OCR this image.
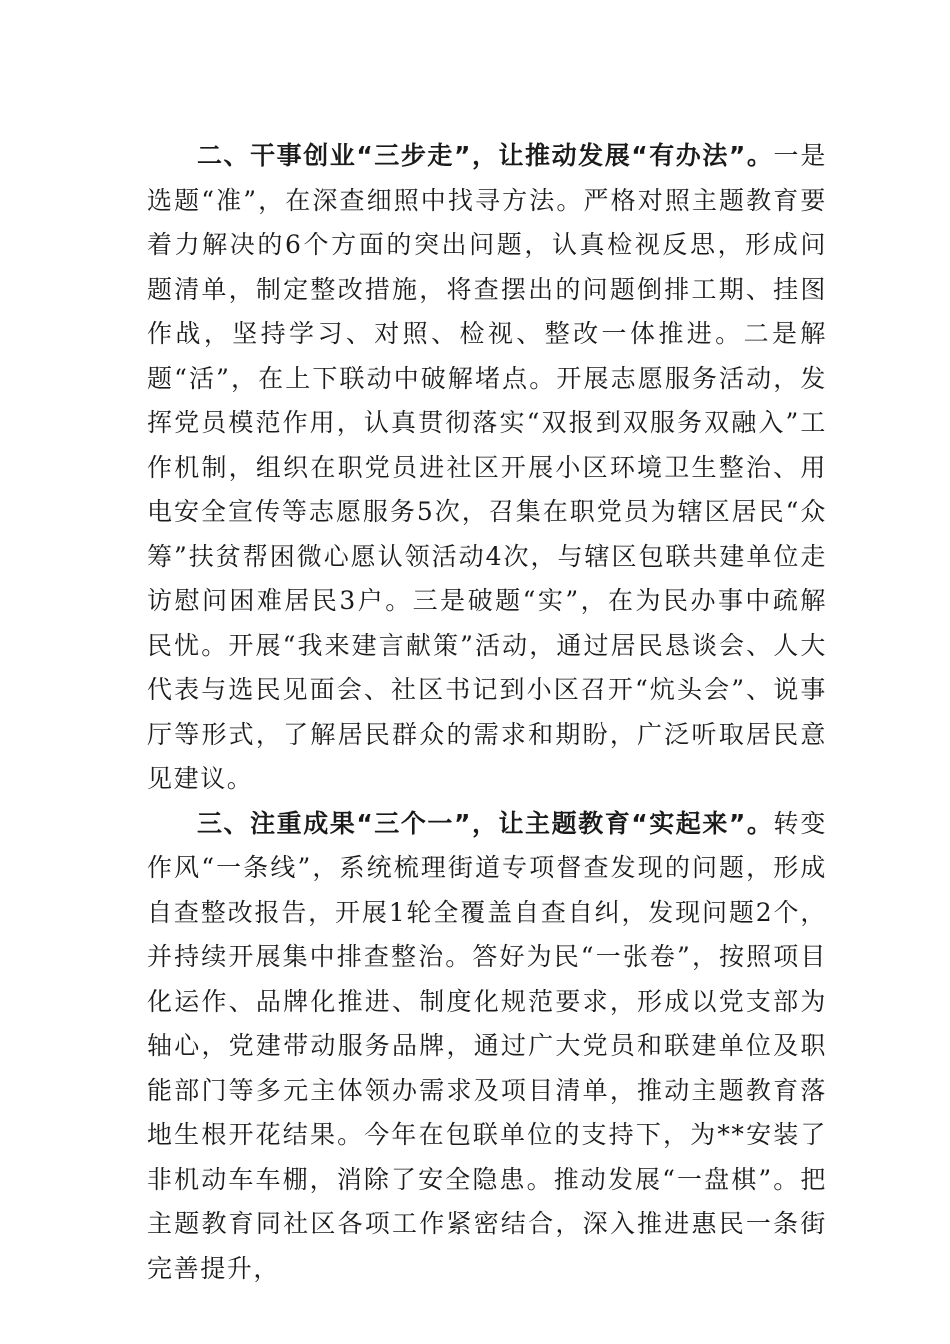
二、干事创业“三步走”，让推动发展“有办法”。一是选题“准”，在深查细照中找寻方法。严格对照主题教育要着力解决的6个方面的突出问题，认真检视反思，形成问题清单，制定整改措施，将查摆出的问题倒排工期、挂图作战，坚持学习、对照、检视、整改一体推进。二是解题“活”，在上下联动中破解堵点。开展志愿服务活动，发挥党员模范作用，认真贯彻落实“双报到双服务双融入”工作机制，组织在职党员进社区开展小区环境卫生整治、用电安全宣传等志愿服务5次，召集在职党员为辖区居民“众筹”扶贫帮困微心愿认领活动4次，与辖区包联共建单位走访慰问困难居民3户。三是破题“实”，在为民办事中疏解民忧。开展“我来建言献策”活动，通过居民恳谈会、人大代表与选民见面会、社区书记到小区召开“炕头会”、说事厅等形式，了解居民群众的需求和期盼，广泛听取居民意见建议。

三、注重成果“三个一”，让主题教育“实起来”。转变作风“一条线”，系统梳理街道专项督查发现的问题，形成自查整改报告，开展1轮全覆盖自查自纠，发现问题2个，并持续开展集中排查整治。答好为民“一张卷”，按照项目化运作、品牌化推进、制度化规范要求，形成以党支部为轴心，党建带动服务品牌，通过广大党员和联建单位及职能部门等多元主体领办需求及项目清单，推动主题教育落地生根开花结果。今年在包联单位的支持下，为**安装了非机动车车棚，消除了安全隐患。推动发展“一盘棋”。把主题教育同社区各项工作紧密结合，深入推进惠民一条街完善提升，
